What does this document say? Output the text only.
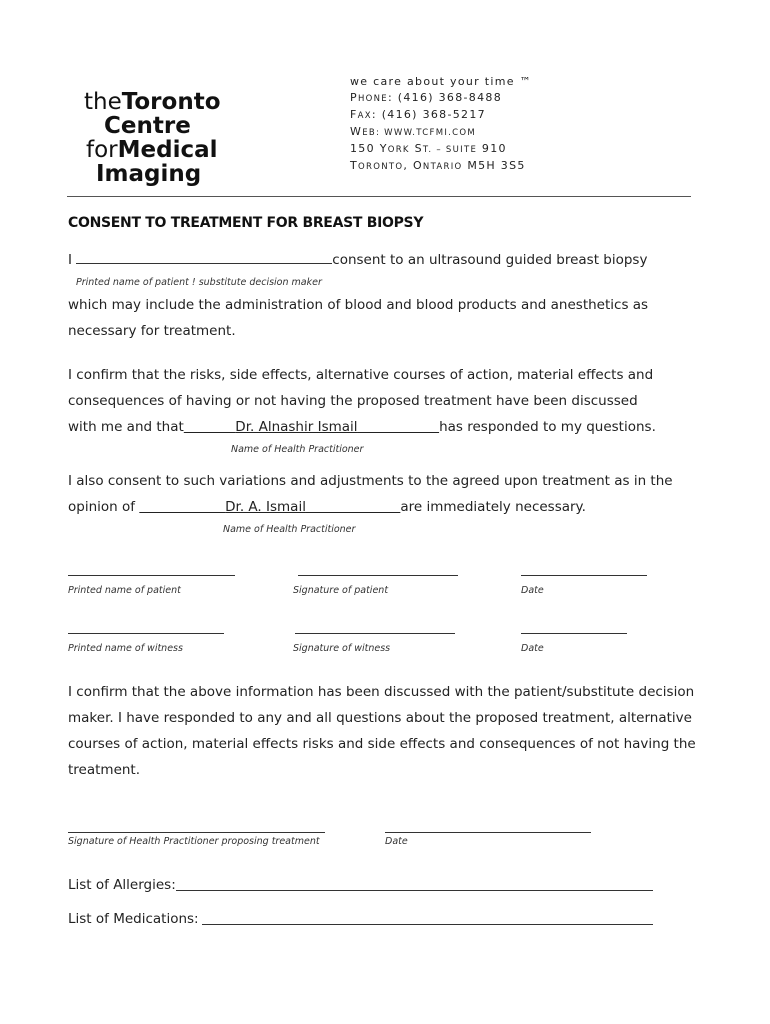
theToronto
Centre
forMedical
Imaging
we care about your time ™
PHONE: (416) 368-8488
FAX: (416) 368-5217
WEB: WWW.TCFMI.COM
150 YORK ST. – SUITE 910
TORONTO, ONTARIO M5H 3S5
CONSENT TO TREATMENT FOR BREAST BIOPSY
I	consent to an ultrasound guided breast biopsy
Printed name of patient ! substitute decision maker
which may include the administration of blood and blood products and anesthetics as
necessary for treatment.
I confirm that the risks, side effects, alternative courses of action, material effects and
consequences of having or not having the proposed treatment have been discussed
with me and that	Dr. Alnashir Ismail	has responded to my questions.
Name of Health Practitioner
I also consent to such variations and adjustments to the agreed upon treatment as in the
opinion of	Dr. A. Ismail	are immediately necessary.
Name of Health Practitioner
Printed name of patient	Signature of patient	Date
Printed name of witness	Signature of witness	Date
I confirm that the above information has been discussed with the patient/substitute decision
maker. I have responded to any and all questions about the proposed treatment, alternative
courses of action, material effects risks and side effects and consequences of not having the
treatment.
Signature of Health Practitioner proposing treatment	Date
List of Allergies:
List of Medications:
